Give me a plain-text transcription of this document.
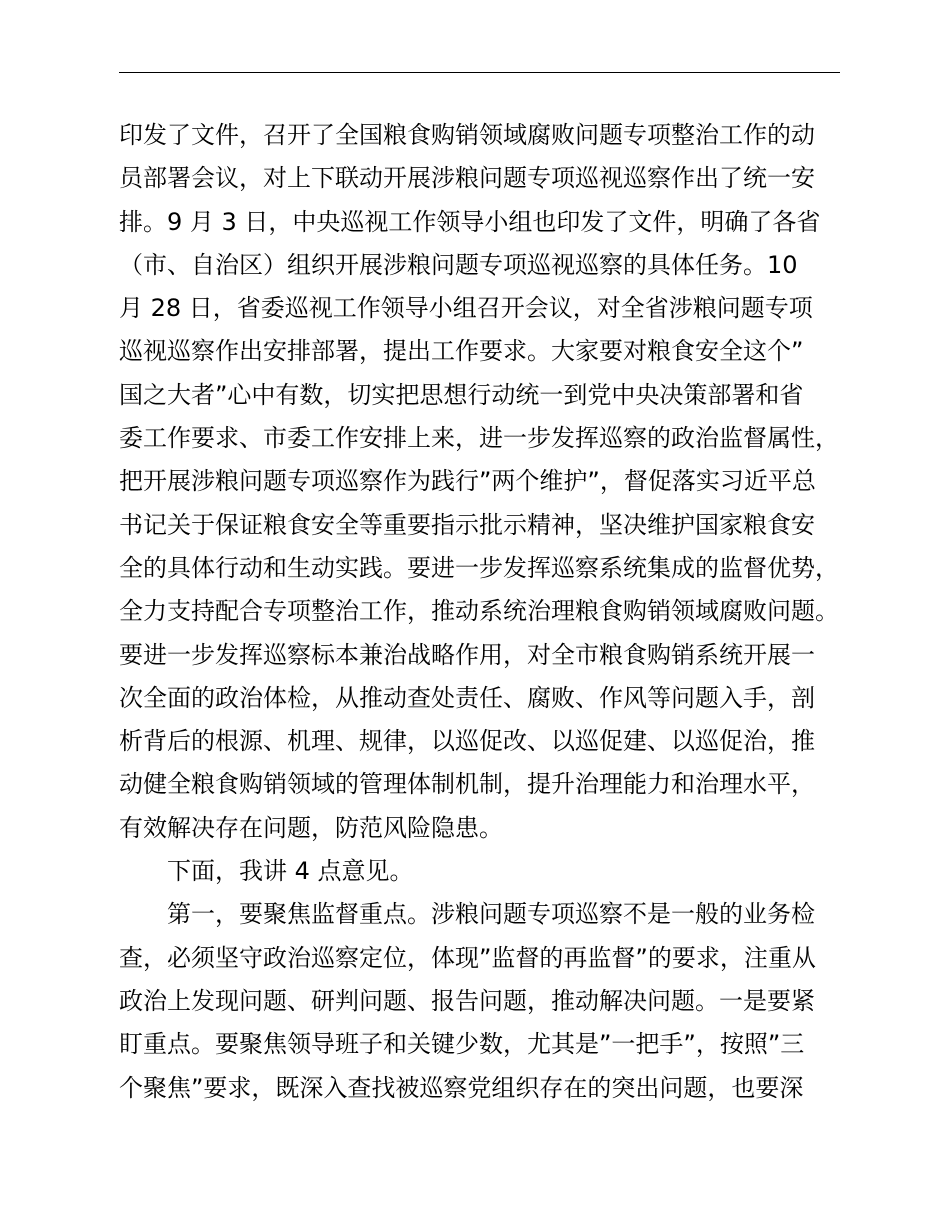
印发了文件，召开了全国粮食购销领域腐败问题专项整治工作的动
员部署会议，对上下联动开展涉粮问题专项巡视巡察作出了统一安
排。9 月 3 日，中央巡视工作领导小组也印发了文件，明确了各省
（市、自治区）组织开展涉粮问题专项巡视巡察的具体任务。10
月 28 日，省委巡视工作领导小组召开会议，对全省涉粮问题专项
巡视巡察作出安排部署，提出工作要求。大家要对粮食安全这个”
国之大者”心中有数，切实把思想行动统一到党中央决策部署和省
委工作要求、市委工作安排上来，进一步发挥巡察的政治监督属性，
把开展涉粮问题专项巡察作为践行”两个维护”，督促落实习近平总
书记关于保证粮食安全等重要指示批示精神，坚决维护国家粮食安
全的具体行动和生动实践。要进一步发挥巡察系统集成的监督优势，
全力支持配合专项整治工作，推动系统治理粮食购销领域腐败问题。
要进一步发挥巡察标本兼治战略作用，对全市粮食购销系统开展一
次全面的政治体检，从推动查处责任、腐败、作风等问题入手，剖
析背后的根源、机理、规律，以巡促改、以巡促建、以巡促治，推
动健全粮食购销领域的管理体制机制，提升治理能力和治理水平，
有效解决存在问题，防范风险隐患。
下面，我讲 4 点意见。
第一，要聚焦监督重点。涉粮问题专项巡察不是一般的业务检
查，必须坚守政治巡察定位，体现”监督的再监督”的要求，注重从
政治上发现问题、研判问题、报告问题，推动解决问题。一是要紧
盯重点。要聚焦领导班子和关键少数，尤其是”一把手”，按照”三
个聚焦”要求，既深入查找被巡察党组织存在的突出问题，也要深
